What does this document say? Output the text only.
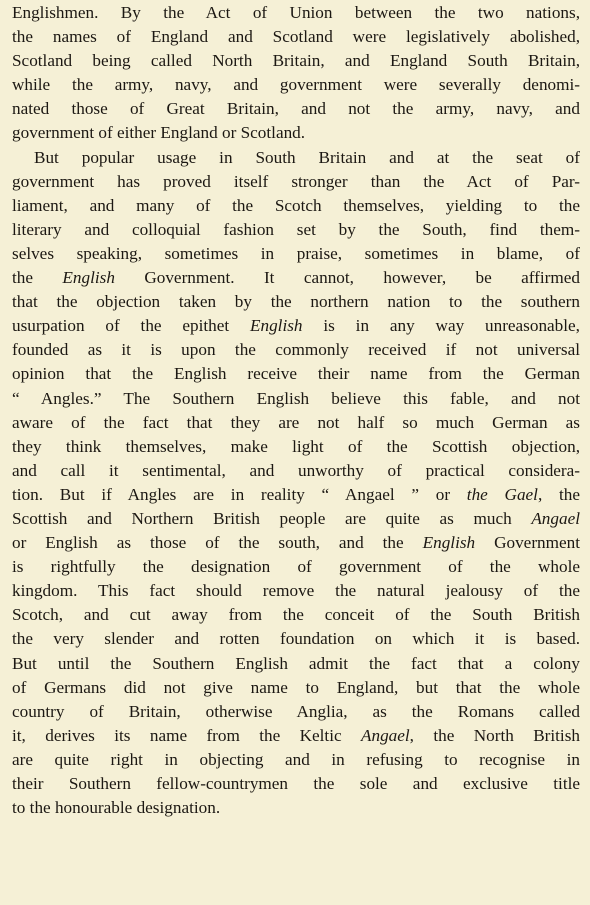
Englishmen. By the Act of Union between the two nations,
the names of England and Scotland were legislatively abolished,
Scotland being called North Britain, and England South Britain,
while the army, navy, and government were severally denomi-
nated those of Great Britain, and not the army, navy, and
government of either England or Scotland.
But popular usage in South Britain and at the seat of
government has proved itself stronger than the Act of Par-
liament, and many of the Scotch themselves, yielding to the
literary and colloquial fashion set by the South, find them-
selves speaking, sometimes in praise, sometimes in blame, of
the English Government. It cannot, however, be affirmed
that the objection taken by the northern nation to the southern
usurpation of the epithet English is in any way unreasonable,
founded as it is upon the commonly received if not universal
opinion that the English receive their name from the German
“ Angles.” The Southern English believe this fable, and not
aware of the fact that they are not half so much German as
they think themselves, make light of the Scottish objection,
and call it sentimental, and unworthy of practical considera-
tion. But if Angles are in reality “ Angael ” or the Gael, the
Scottish and Northern British people are quite as much Angael
or English as those of the south, and the English Government
is rightfully the designation of government of the whole
kingdom. This fact should remove the natural jealousy of the
Scotch, and cut away from the conceit of the South British
the very slender and rotten foundation on which it is based.
But until the Southern English admit the fact that a colony
of Germans did not give name to England, but that the whole
country of Britain, otherwise Anglia, as the Romans called
it, derives its name from the Keltic Angael, the North British
are quite right in objecting and in refusing to recognise in
their Southern fellow-countrymen the sole and exclusive title
to the honourable designation.
